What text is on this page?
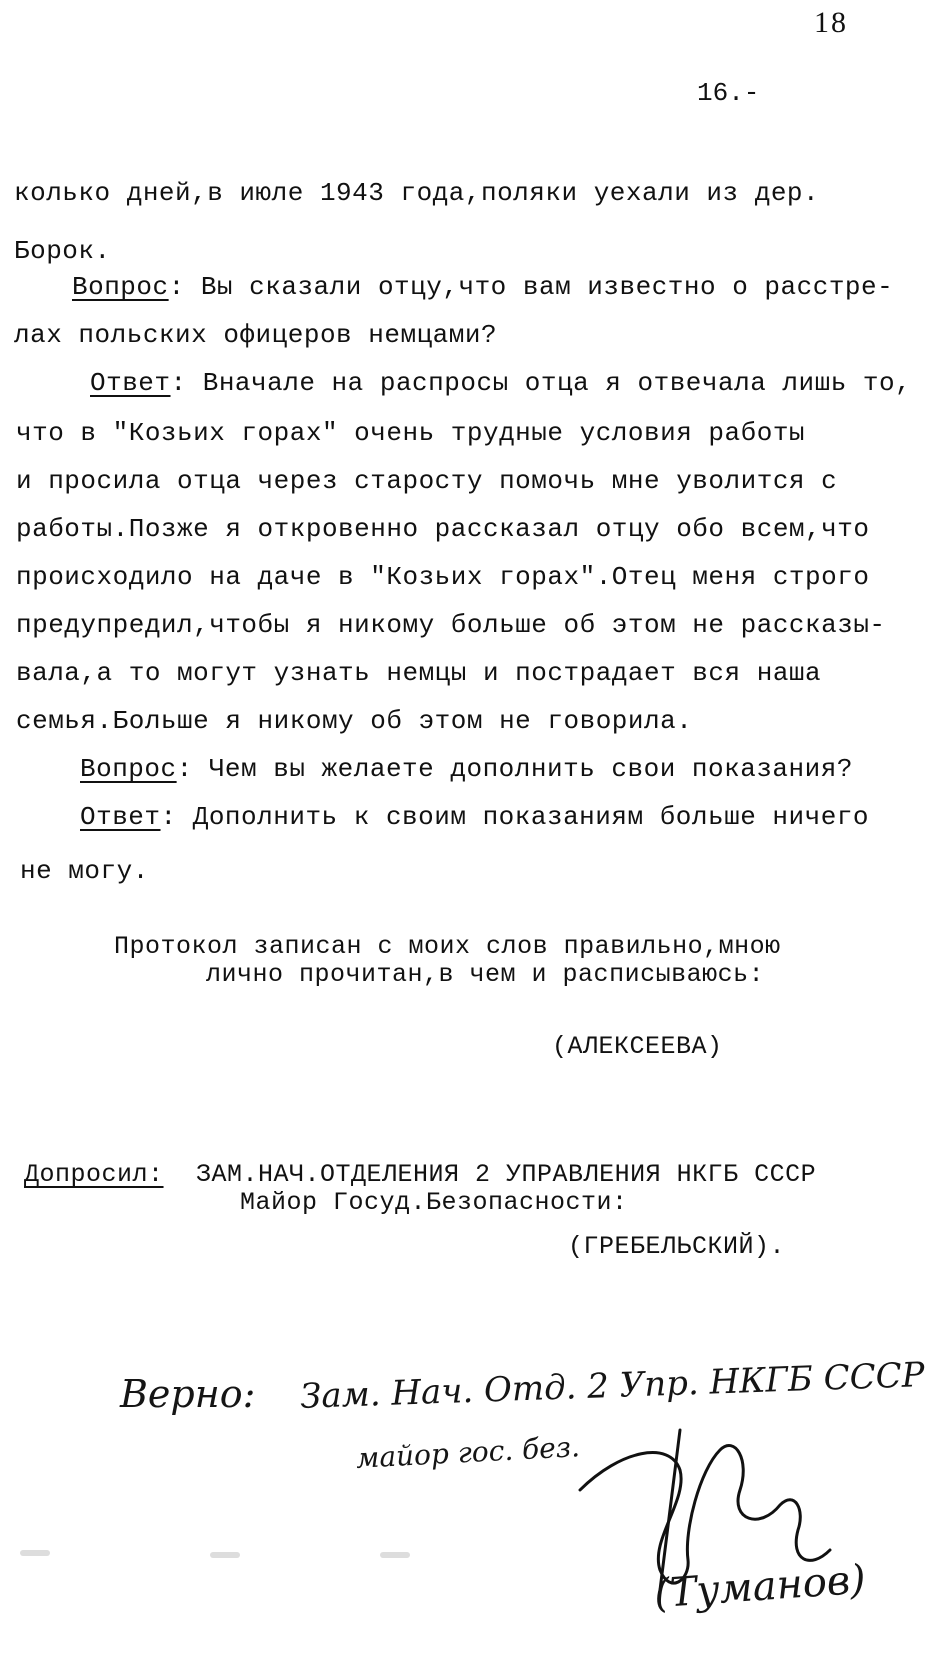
18
16.-
колько дней,в июле 1943 года,поляки уехали из дер.
Борок.
Вопрос: Вы сказали отцу,что вам известно о расстре-
лах польских офицеров немцами?
Ответ: Вначале на распросы отца я отвечала лишь то,
что в "Козьих горах" очень трудные условия работы
и просила отца через старосту помочь мне уволится с
работы.Позже я откровенно рассказал отцу обо всем,что
происходило на даче в "Козьих горах".Отец меня строго
предупредил,чтобы я никому больше об этом не рассказы-
вала,а то могут узнать немцы и пострадает вся наша
семья.Больше я никому об этом не говорила.
Вопрос: Чем вы желаете дополнить свои показания?
Ответ: Дополнить к своим показаниям больше ничего
не могу.
Протокол записан с моих слов правильно,мною
лично прочитан,в чем и расписываюсь:
(АЛЕКСЕЕВА)
Допросил: ЗАМ.НАЧ.ОТДЕЛЕНИЯ 2 УПРАВЛЕНИЯ НКГБ СССР
Майор Госуд.Безопасности:
(ГРЕБЕЛЬСКИЙ).
Верно: Зам. Нач. Отд. 2 Упр. НКГБ СССР
майор гос. без.
(Туманов)
